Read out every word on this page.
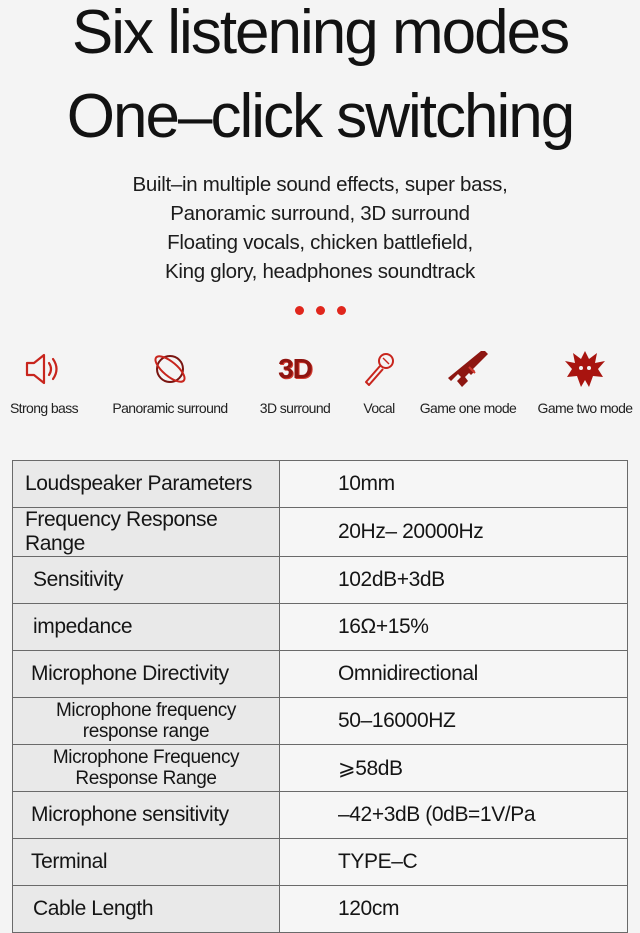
Six listening modes
One–click switching
Built–in multiple sound effects, super bass,
Panoramic surround, 3D surround
Floating vocals, chicken battlefield,
King glory, headphones soundtrack
Strong bass	Panoramic surround
3D
3D surround	Vocal	Game one mode	Game two mode
Loudspeaker Parameters	10mm

Frequency Response Range	20Hz– 20000Hz

Sensitivity	102dB+3dB

impedance	16Ω+15%

Microphone Directivity	Omnidirectional

Microphone frequency
response range	50–16000HZ

Microphone Frequency
Response Range	⩾58dB

Microphone sensitivity	–42+3dB (0dB=1V/Pa

Terminal	TYPE–C

Cable Length	120cm
